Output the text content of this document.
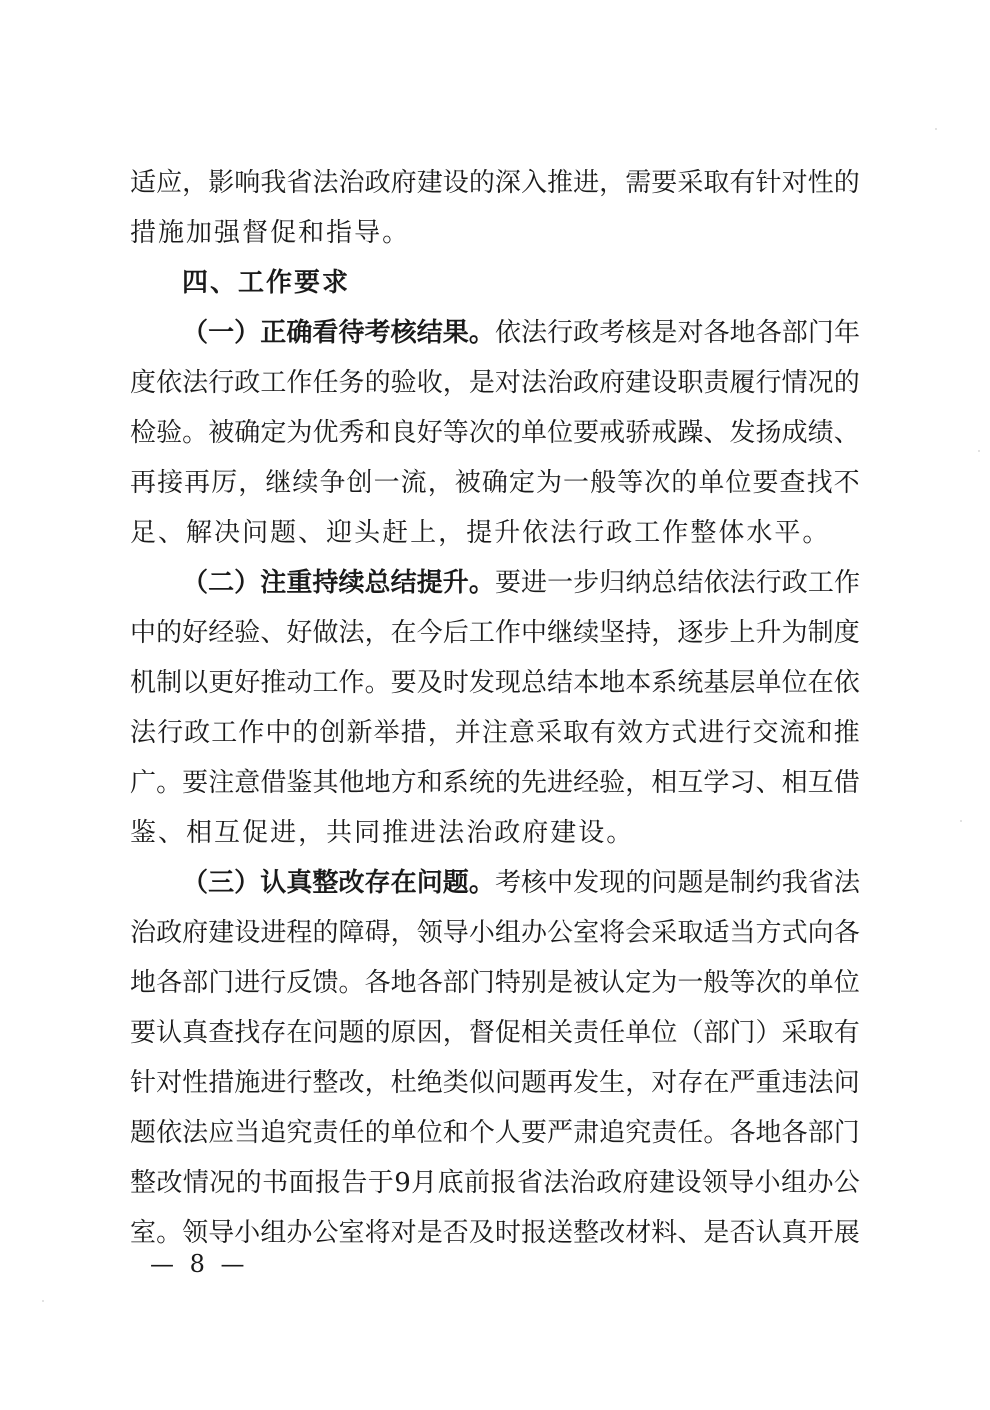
适 应 ， 影 响 我 省 法 治 政 府 建 设 的 深 入 推 进 ， 需 要 采 取 有 针 对 性 的
措施加强督促和指导。
四、工作要求
（ 一 ） 正 确 看 待 考 核 结 果 。 依 法 行 政 考 核 是 对 各 地 各 部 门 年
度 依 法 行 政 工 作 任 务 的 验 收 ， 是 对 法 治 政 府 建 设 职 责 履 行 情 况 的
检 验 。 被 确 定 为 优 秀 和 良 好 等 次 的 单 位 要 戒 骄 戒 躁 、 发 扬 成 绩 、
再 接 再 厉 ， 继 续 争 创 一 流 ， 被 确 定 为 一 般 等 次 的 单 位 要 查 找 不
足、解决问题、迎头赶上，提升依法行政工作整体水平。
（ 二 ） 注 重 持 续 总 结 提 升 。 要 进 一 步 归 纳 总 结 依 法 行 政 工 作
中 的 好 经 验 、 好 做 法 ， 在 今 后 工 作 中 继 续 坚 持 ， 逐 步 上 升 为 制 度
机 制 以 更 好 推 动 工 作 。 要 及 时 发 现 总 结 本 地 本 系 统 基 层 单 位 在 依
法 行 政 工 作 中 的 创 新 举 措 ， 并 注 意 采 取 有 效 方 式 进 行 交 流 和 推
广 。 要 注 意 借 鉴 其 他 地 方 和 系 统 的 先 进 经 验 ， 相 互 学 习 、 相 互 借
鉴、相互促进，共同推进法治政府建设。
（ 三 ） 认 真 整 改 存 在 问 题 。 考 核 中 发 现 的 问 题 是 制 约 我 省 法
治 政 府 建 设 进 程 的 障 碍 ， 领 导 小 组 办 公 室 将 会 采 取 适 当 方 式 向 各
地 各 部 门 进 行 反 馈 。 各 地 各 部 门 特 别 是 被 认 定 为 一 般 等 次 的 单 位
要 认 真 查 找 存 在 问 题 的 原 因 ， 督 促 相 关 责 任 单 位 （ 部 门 ） 采 取 有
针 对 性 措 施 进 行 整 改 ， 杜 绝 类 似 问 题 再 发 生 ， 对 存 在 严 重 违 法 问
题 依 法 应 当 追 究 责 任 的 单 位 和 个 人 要 严 肃 追 究 责 任 。 各 地 各 部 门
整 改 情 况 的 书 面 报 告 于 9 月 底 前 报 省 法 治 政 府 建 设 领 导 小 组 办 公
室 。 领 导 小 组 办 公 室 将 对 是 否 及 时 报 送 整 改 材 料 、 是 否 认 真 开 展
— 8 —
